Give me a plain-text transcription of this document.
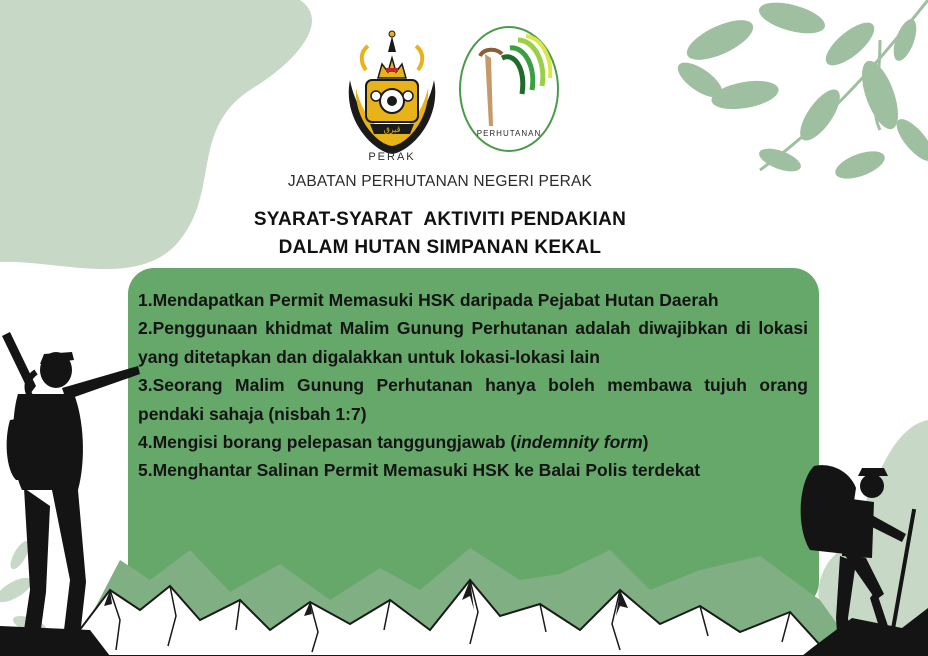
ڤيرق
PERAK
PERHUTANAN
JABATAN PERHUTANAN NEGERI PERAK
SYARAT-SYARAT  AKTIVITI PENDAKIAN
DALAM HUTAN SIMPANAN KEKAL

1.Mendapatkan Permit Memasuki HSK daripada Pejabat Hutan Daerah

2.Penggunaan khidmat Malim Gunung Perhutanan adalah diwajibkan di lokasi yang ditetapkan dan digalakkan untuk lokasi-lokasi lain

3.Seorang Malim Gunung Perhutanan hanya boleh membawa tujuh orang pendaki sahaja (nisbah 1:7)

4.Mengisi borang pelepasan tanggungjawab (indemnity form)

5.Menghantar Salinan Permit Memasuki HSK ke Balai Polis terdekat
